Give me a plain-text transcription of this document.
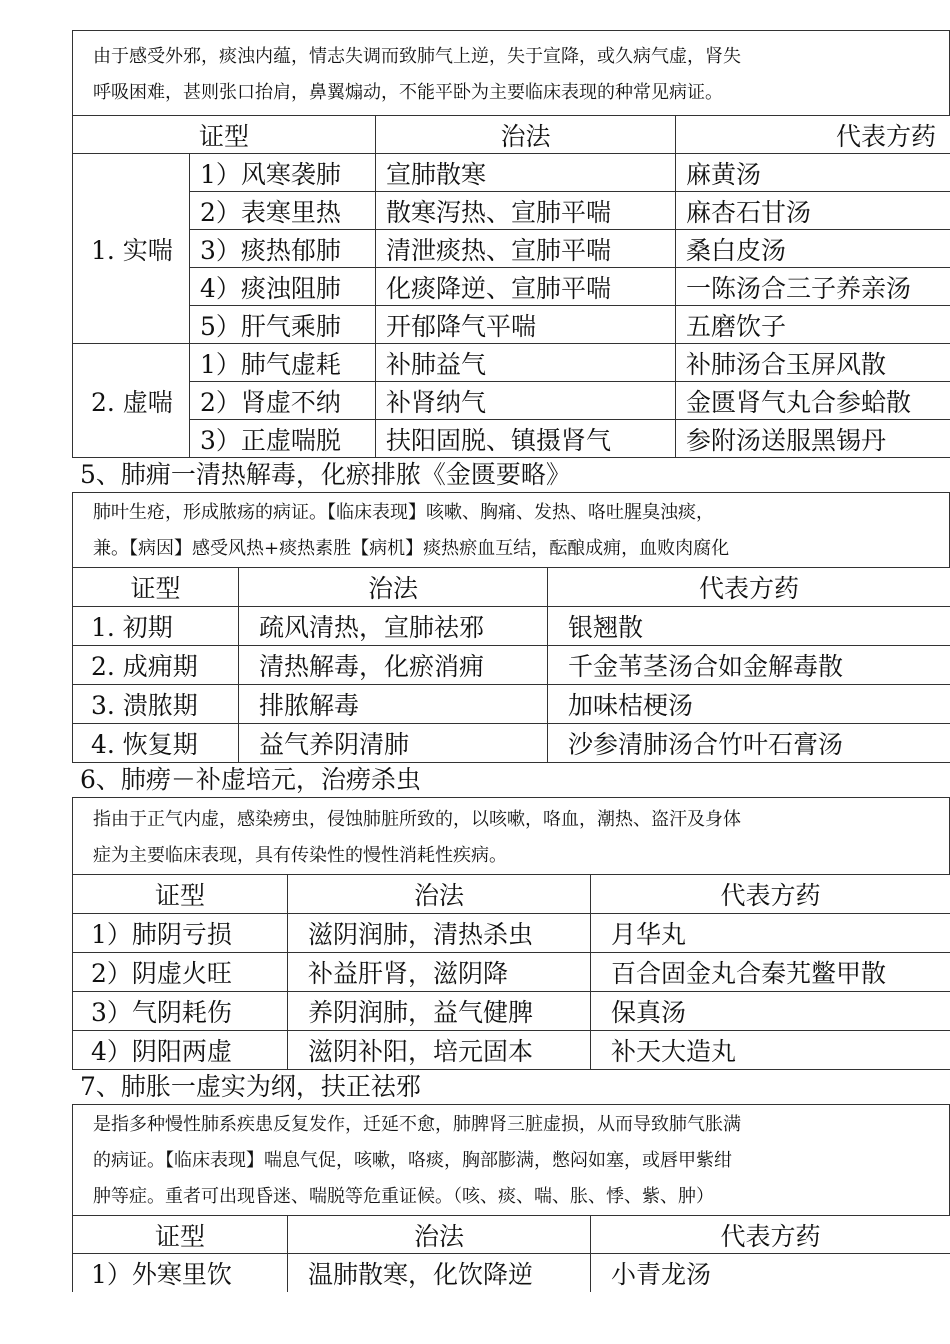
由于感受外邪，痰浊内蕴，情志失调而致肺气上逆，失于宣降，或久病气虚，肾失

呼吸困难，甚则张口抬肩，鼻翼煽动，不能平卧为主要临床表现的种常见病证。

证型		治法	代表方药
1. 实喘	1）风寒袭肺	宣肺散寒	麻黄汤
	2）表寒里热	散寒泻热、宣肺平喘	麻杏石甘汤
	3）痰热郁肺	清泄痰热、宣肺平喘	桑白皮汤
	4）痰浊阻肺	化痰降逆、宣肺平喘	一陈汤合三子养亲汤
	5）肝气乘肺	开郁降气平喘	五磨饮子
2. 虚喘	1）肺气虚耗	补肺益气	补肺汤合玉屏风散
	2）肾虚不纳	补肾纳气	金匮肾气丸合参蛤散
	3）正虚喘脱	扶阳固脱、镇摄肾气	参附汤送服黑锡丹
5、肺痈一清热解毒，化瘀排脓《金匮要略》

肺叶生疮，形成脓疡的病证。【临床表现】咳嗽、胸痛、发热、咯吐腥臭浊痰，

兼。【病因】感受风热+痰热素胜【病机】痰热瘀血互结，酝酿成痈，血败肉腐化

证型	治法	代表方药
1. 初期	疏风清热，宣肺祛邪	银翘散
2. 成痈期	清热解毒，化瘀消痈	千金苇茎汤合如金解毒散
3. 溃脓期	排脓解毒	加味桔梗汤
4. 恢复期	益气养阴清肺	沙参清肺汤合竹叶石膏汤
6、肺痨－补虚培元，治痨杀虫

指由于正气内虚，感染痨虫，侵蚀肺脏所致的，以咳嗽，咯血，潮热、盗汗及身体

症为主要临床表现，具有传染性的慢性消耗性疾病。

证型	治法	代表方药
1）肺阴亏损	滋阴润肺，清热杀虫	月华丸
2）阴虚火旺	补益肝肾，滋阴降	百合固金丸合秦艽鳖甲散
3）气阴耗伤	养阴润肺，益气健脾	保真汤
4）阴阳两虚	滋阴补阳，培元固本	补天大造丸
7、肺胀一虚实为纲，扶正祛邪

是指多种慢性肺系疾患反复发作，迁延不愈，肺脾肾三脏虚损，从而导致肺气胀满

的病证。【临床表现】喘息气促，咳嗽，咯痰，胸部膨满，憋闷如塞，或唇甲紫绀

肿等症。重者可出现昏迷、喘脱等危重证候。（咳、痰、喘、胀、悸、紫、肿）

证型	治法	代表方药
1）外寒里饮	温肺散寒，化饮降逆	小青龙汤
